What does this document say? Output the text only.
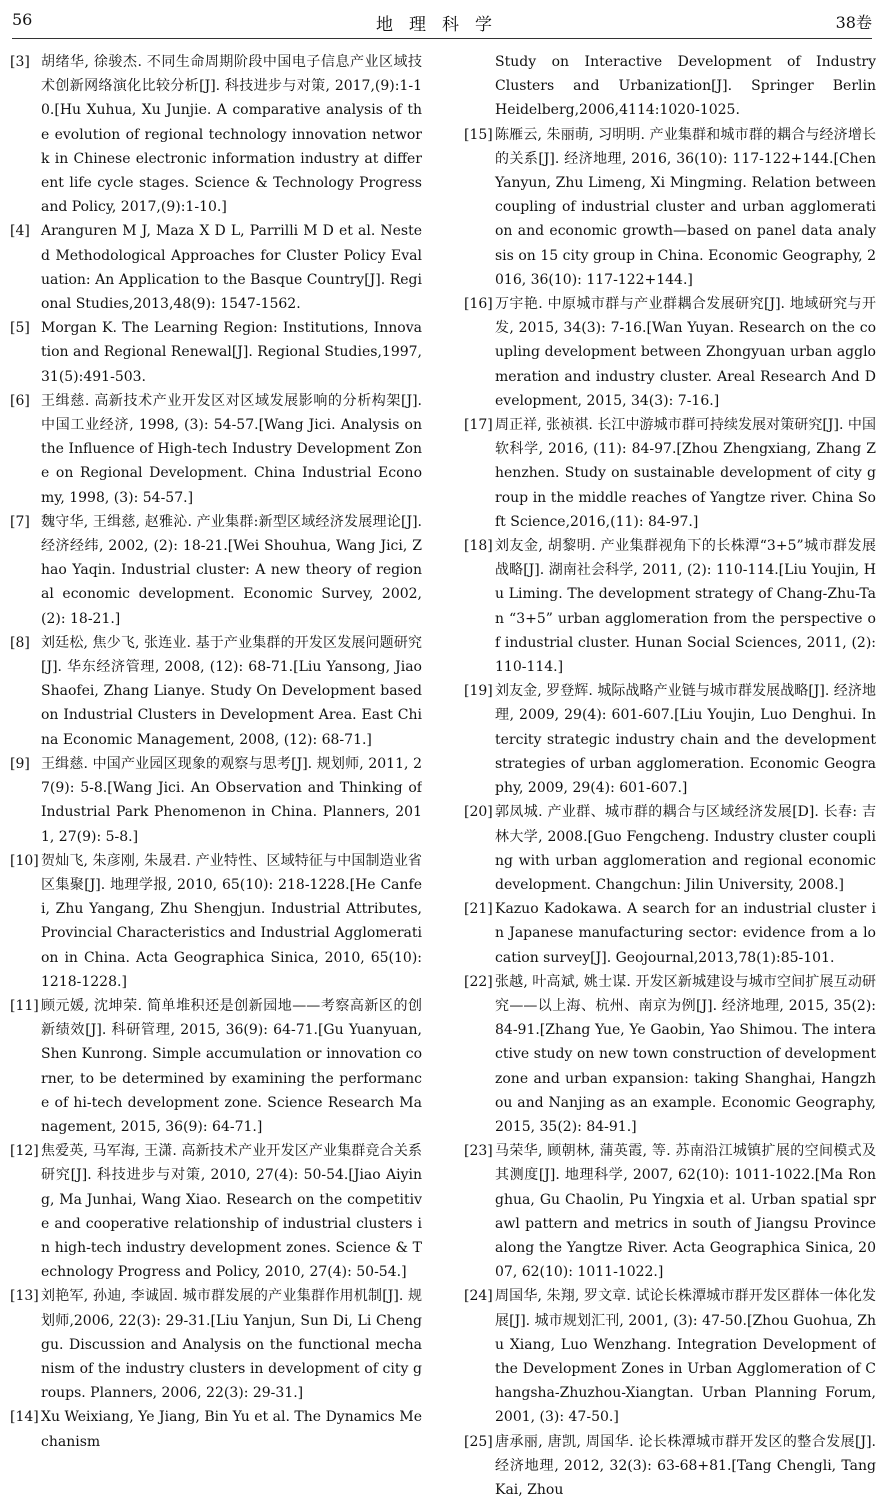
56	地理科学	38卷
[3] 胡绪华, 徐骏杰. 不同生命周期阶段中国电子信息产业区域技术创新网络演化比较分析[J]. 科技进步与对策, 2017,(9):1-10.[Hu Xuhua, Xu Junjie. A comparative analysis of the evolution of regional technology innovation network in Chinese electronic information industry at different life cycle stages. Science & Technology Progress and Policy, 2017,(9):1-10.]
[4] Aranguren M J, Maza X D L, Parrilli M D et al. Nested Methodological Approaches for Cluster Policy Evaluation: An Application to the Basque Country[J]. Regional Studies,2013,48(9): 1547-1562.
[5] Morgan K. The Learning Region: Institutions, Innovation and Regional Renewal[J]. Regional Studies,1997,31(5):491-503.
[6] 王缉慈. 高新技术产业开发区对区域发展影响的分析构架[J]. 中国工业经济, 1998, (3): 54-57.[Wang Jici. Analysis on the Influence of High-tech Industry Development Zone on Regional Development. China Industrial Economy, 1998, (3): 54-57.]
[7] 魏守华, 王缉慈, 赵雅沁. 产业集群:新型区域经济发展理论[J]. 经济经纬, 2002, (2): 18-21.[Wei Shouhua, Wang Jici, Zhao Yaqin. Industrial cluster: A new theory of regional economic development. Economic Survey, 2002, (2): 18-21.]
[8] 刘廷松, 焦少飞, 张连业. 基于产业集群的开发区发展问题研究[J]. 华东经济管理, 2008, (12): 68-71.[Liu Yansong, Jiao Shaofei, Zhang Lianye. Study On Development based on Industrial Clusters in Development Area. East China Economic Management, 2008, (12): 68-71.]
[9] 王缉慈. 中国产业园区现象的观察与思考[J]. 规划师, 2011, 27(9): 5-8.[Wang Jici. An Observation and Thinking of Industrial Park Phenomenon in China. Planners, 2011, 27(9): 5-8.]
[10] 贺灿飞, 朱彦刚, 朱晟君. 产业特性、区域特征与中国制造业省区集聚[J]. 地理学报, 2010, 65(10): 218-1228.[He Canfei, Zhu Yangang, Zhu Shengjun. Industrial Attributes, Provincial Characteristics and Industrial Agglomeration in China. Acta Geographica Sinica, 2010, 65(10): 1218-1228.]
[11] 顾元媛, 沈坤荣. 简单堆积还是创新园地——考察高新区的创新绩效[J]. 科研管理, 2015, 36(9): 64-71.[Gu Yuanyuan, Shen Kunrong. Simple accumulation or innovation corner, to be determined by examining the performance of hi-tech development zone. Science Research Management, 2015, 36(9): 64-71.]
[12] 焦爱英, 马军海, 王潇. 高新技术产业开发区产业集群竞合关系研究[J]. 科技进步与对策, 2010, 27(4): 50-54.[Jiao Aiying, Ma Junhai, Wang Xiao. Research on the competitive and cooperative relationship of industrial clusters in high-tech industry development zones. Science & Technology Progress and Policy, 2010, 27(4): 50-54.]
[13] 刘艳军, 孙迪, 李诚固. 城市群发展的产业集群作用机制[J]. 规划师,2006, 22(3): 29-31.[Liu Yanjun, Sun Di, Li Chenggu. Discussion and Analysis on the functional mechanism of the industry clusters in development of city groups. Planners, 2006, 22(3): 29-31.]
[14] Xu Weixiang, Ye Jiang, Bin Yu et al. The Dynamics Mechanism
Study on Interactive Development of Industry Clusters and Urbanization[J]. Springer Berlin Heidelberg,2006,4114:1020-1025.
[15] 陈雁云, 朱丽萌, 习明明. 产业集群和城市群的耦合与经济增长的关系[J]. 经济地理, 2016, 36(10): 117-122+144.[Chen Yanyun, Zhu Limeng, Xi Mingming. Relation between coupling of industrial cluster and urban agglomeration and economic growth—based on panel data analysis on 15 city group in China. Economic Geography, 2016, 36(10): 117-122+144.]
[16] 万宇艳. 中原城市群与产业群耦合发展研究[J]. 地域研究与开发, 2015, 34(3): 7-16.[Wan Yuyan. Research on the coupling development between Zhongyuan urban agglomeration and industry cluster. Areal Research And Development, 2015, 34(3): 7-16.]
[17] 周正祥, 张祯祺. 长江中游城市群可持续发展对策研究[J]. 中国软科学, 2016, (11): 84-97.[Zhou Zhengxiang, Zhang Zhenzhen. Study on sustainable development of city group in the middle reaches of Yangtze river. China Soft Science,2016,(11): 84-97.]
[18] 刘友金, 胡黎明. 产业集群视角下的长株潭“3+5”城市群发展战略[J]. 湖南社会科学, 2011, (2): 110-114.[Liu Youjin, Hu Liming. The development strategy of Chang-Zhu-Tan “3+5” urban agglomeration from the perspective of industrial cluster. Hunan Social Sciences, 2011, (2): 110-114.]
[19] 刘友金, 罗登辉. 城际战略产业链与城市群发展战略[J]. 经济地理, 2009, 29(4): 601-607.[Liu Youjin, Luo Denghui. Intercity strategic industry chain and the development strategies of urban agglomeration. Economic Geography, 2009, 29(4): 601-607.]
[20] 郭凤城. 产业群、城市群的耦合与区域经济发展[D]. 长春: 吉林大学, 2008.[Guo Fengcheng. Industry cluster coupling with urban agglomeration and regional economic development. Changchun: Jilin University, 2008.]
[21] Kazuo Kadokawa. A search for an industrial cluster in Japanese manufacturing sector: evidence from a location survey[J]. Geojournal,2013,78(1):85-101.
[22] 张越, 叶高斌, 姚士谋. 开发区新城建设与城市空间扩展互动研究——以上海、杭州、南京为例[J]. 经济地理, 2015, 35(2): 84-91.[Zhang Yue, Ye Gaobin, Yao Shimou. The interactive study on new town construction of development zone and urban expansion: taking Shanghai, Hangzhou and Nanjing as an example. Economic Geography, 2015, 35(2): 84-91.]
[23] 马荣华, 顾朝林, 蒲英霞, 等. 苏南沿江城镇扩展的空间模式及其测度[J]. 地理科学, 2007, 62(10): 1011-1022.[Ma Ronghua, Gu Chaolin, Pu Yingxia et al. Urban spatial sprawl pattern and metrics in south of Jiangsu Province along the Yangtze River. Acta Geographica Sinica, 2007, 62(10): 1011-1022.]
[24] 周国华, 朱翔, 罗文章. 试论长株潭城市群开发区群体一体化发展[J]. 城市规划汇刊, 2001, (3): 47-50.[Zhou Guohua, Zhu Xiang, Luo Wenzhang. Integration Development of the Development Zones in Urban Agglomeration of Changsha-Zhuzhou-Xiangtan. Urban Planning Forum, 2001, (3): 47-50.]
[25] 唐承丽, 唐凯, 周国华. 论长株潭城市群开发区的整合发展[J]. 经济地理, 2012, 32(3): 63-68+81.[Tang Chengli, Tang Kai, Zhou
